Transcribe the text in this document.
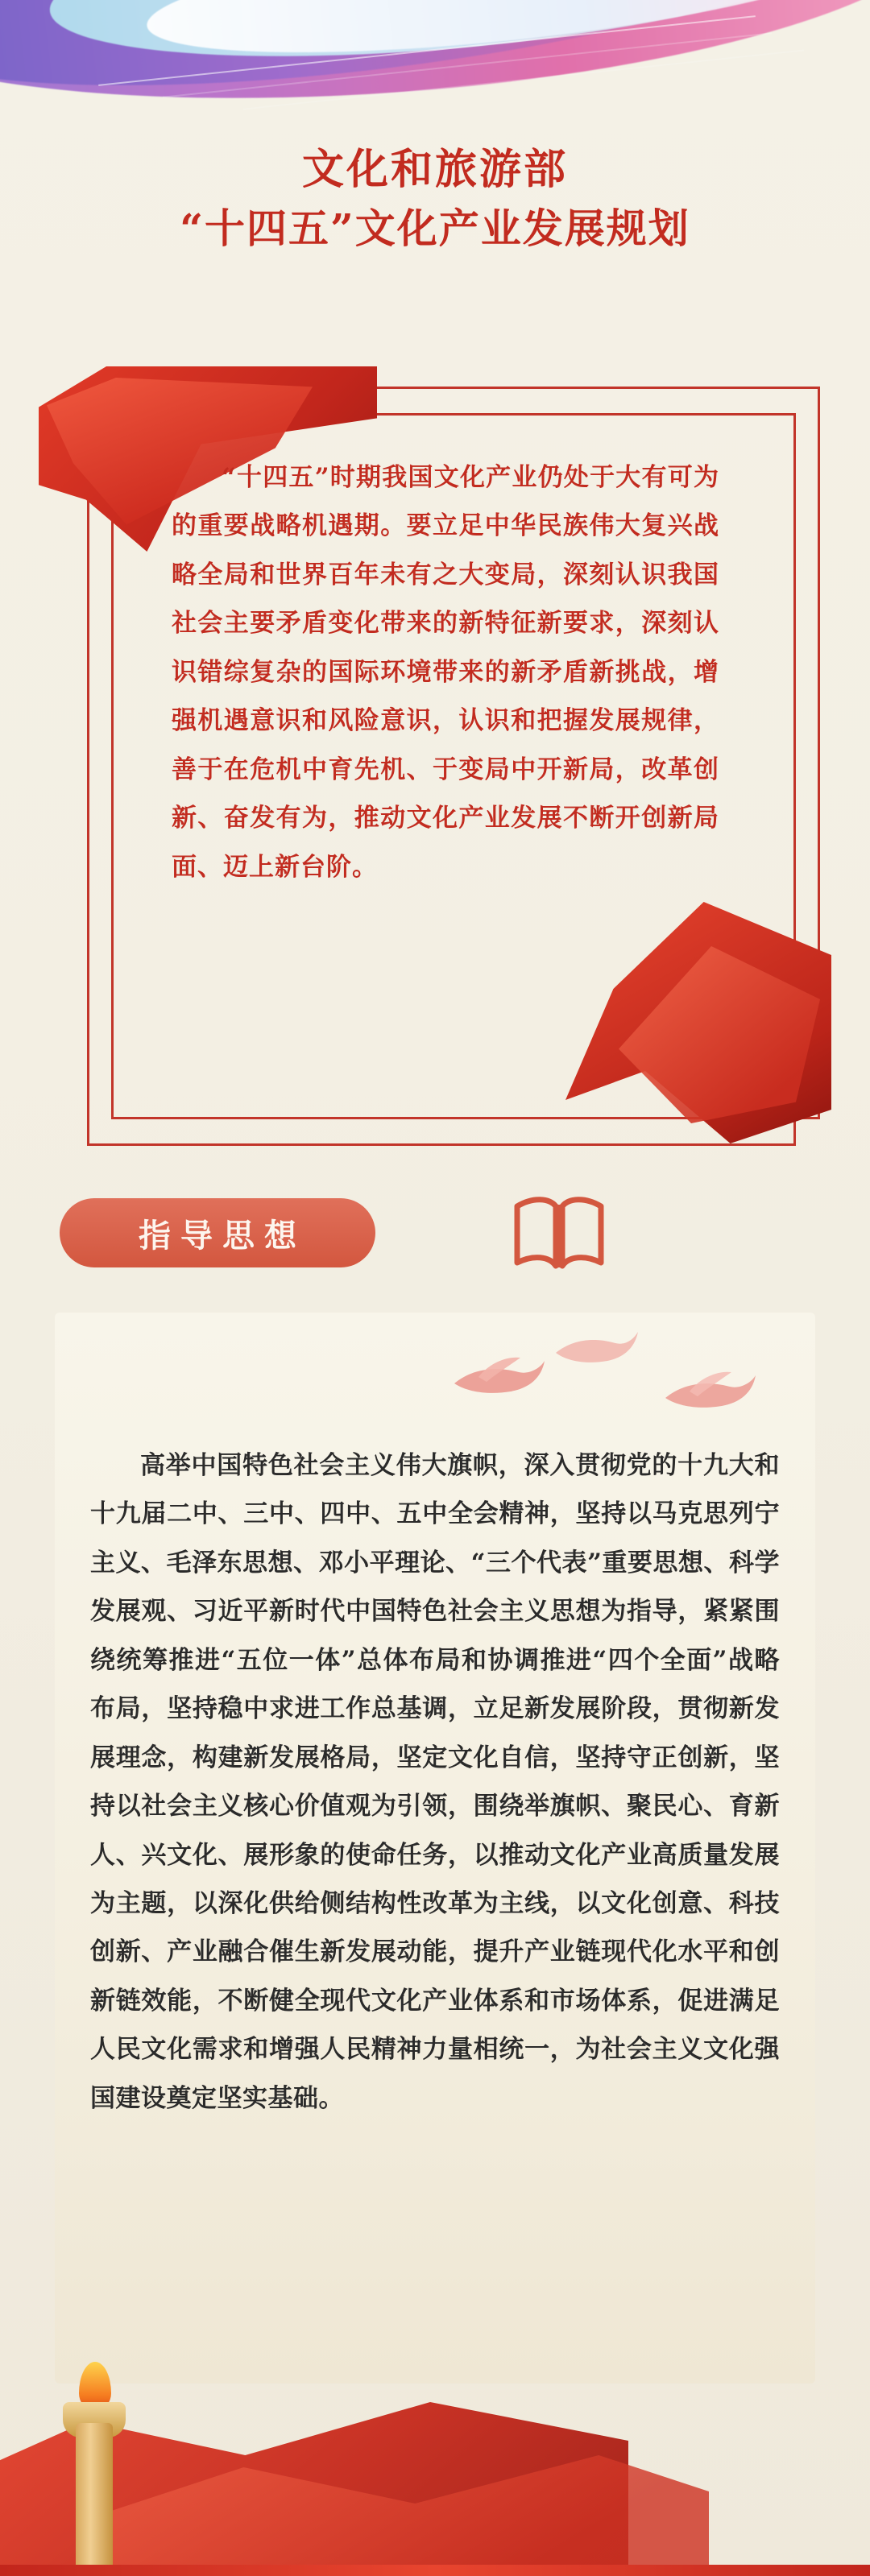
文化和旅游部
“十四五”文化产业发展规划
“十四五”时期我国文化产业仍处于大有可为的重要战略机遇期。要立足中华民族伟大复兴战略全局和世界百年未有之大变局，深刻认识我国社会主要矛盾变化带来的新特征新要求，深刻认识错综复杂的国际环境带来的新矛盾新挑战，增强机遇意识和风险意识，认识和把握发展规律，善于在危机中育先机、于变局中开新局，改革创新、奋发有为，推动文化产业发展不断开创新局面、迈上新台阶。
指导思想
高举中国特色社会主义伟大旗帜，深入贯彻党的十九大和十九届二中、三中、四中、五中全会精神，坚持以马克思列宁主义、毛泽东思想、邓小平理论、“三个代表”重要思想、科学发展观、习近平新时代中国特色社会主义思想为指导，紧紧围绕统筹推进“五位一体”总体布局和协调推进“四个全面”战略布局，坚持稳中求进工作总基调，立足新发展阶段，贯彻新发展理念，构建新发展格局，坚定文化自信，坚持守正创新，坚持以社会主义核心价值观为引领，围绕举旗帜、聚民心、育新人、兴文化、展形象的使命任务，以推动文化产业高质量发展为主题，以深化供给侧结构性改革为主线，以文化创意、科技创新、产业融合催生新发展动能，提升产业链现代化水平和创新链效能，不断健全现代文化产业体系和市场体系，促进满足人民文化需求和增强人民精神力量相统一，为社会主义文化强国建设奠定坚实基础。
